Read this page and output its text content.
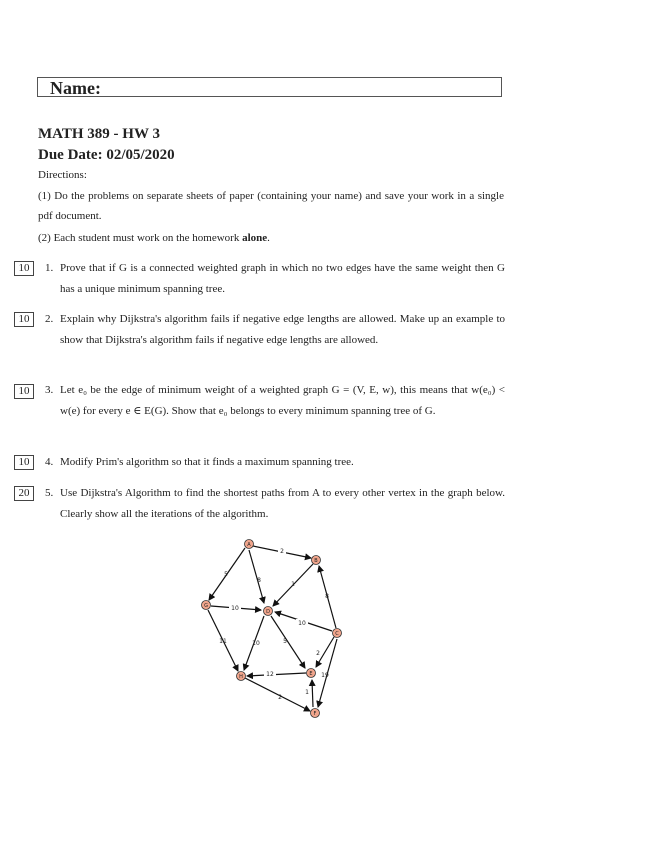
Name:
MATH 389 - HW 3
Due Date: 02/05/2020
Directions:
(1) Do the problems on separate sheets of paper (containing your name) and save your work in a single pdf document.
(2) Each student must work on the homework alone.
10	1. Prove that if G is a connected weighted graph in which no two edges have the same weight then G has a unique minimum spanning tree.
10	2. Explain why Dijkstra's algorithm fails if negative edge lengths are allowed. Make up an example to show that Dijkstra's algorithm fails if negative edge lengths are allowed.
10	3. Let e₀ be the edge of minimum weight of a weighted graph G = (V, E, w), this means that w(e₀) < w(e) for every e ∈ E(G). Show that e₀ belongs to every minimum spanning tree of G.
10	4. Modify Prim's algorithm so that it finds a maximum spanning tree.
20	5. Use Dijkstra's Algorithm to find the shortest paths from A to every other vertex in the graph below. Clearly show all the iterations of the algorithm.
2
5
8
1
8
10
10
11	10	5
2
12	19
1
2
A
B
G
D
C
H	E
F
